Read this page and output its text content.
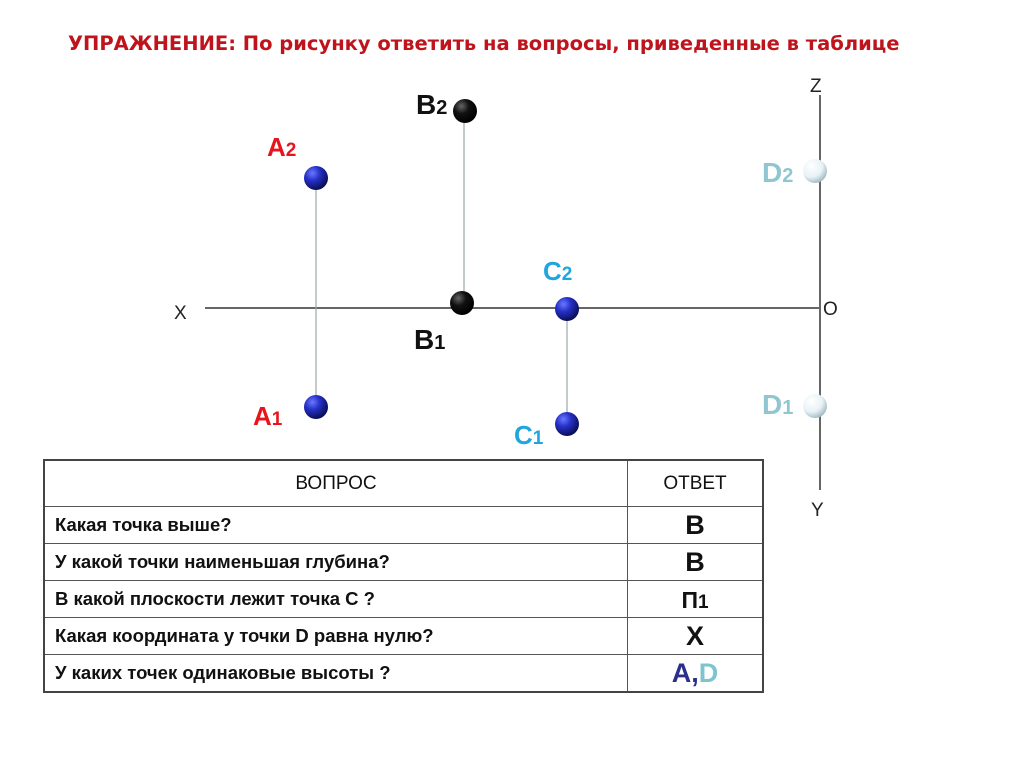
УПРАЖНЕНИЕ: По рисунку ответить на вопросы, приведенные в таблице
X
Z
O
Y
A2
A1
B2
B1
C2
C1
D2
D1
ВОПРОС	ОТВЕТ
Какая точка выше?	B
У какой точки наименьшая глубина?	B
В какой плоскости лежит точка С ?	П1
Какая координата у точки D равна нулю?	X
У каких точек одинаковые высоты ?	A,D
